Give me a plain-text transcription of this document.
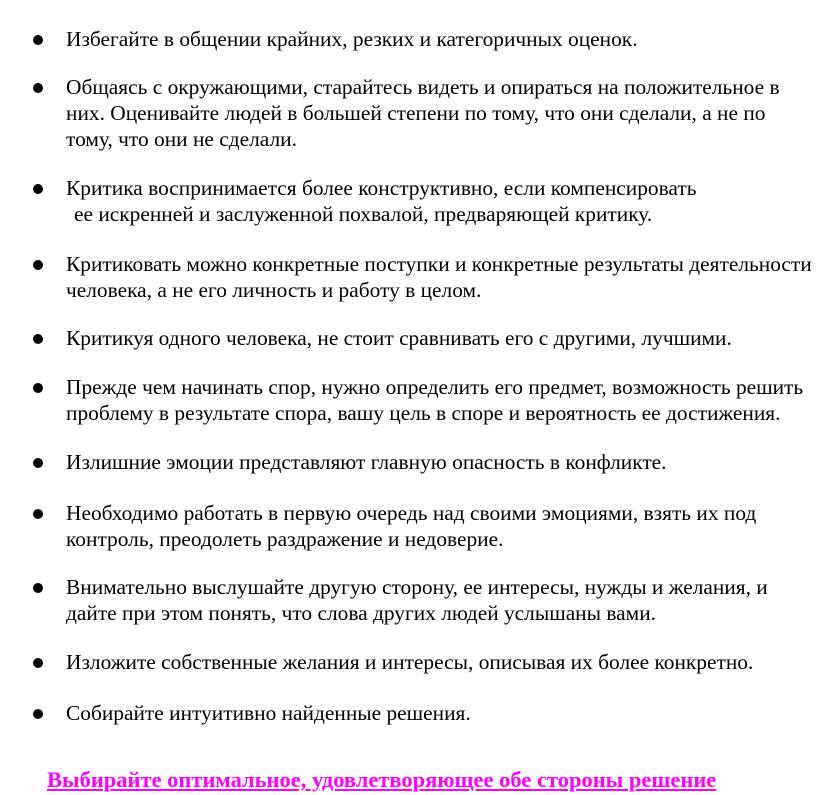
Избегайте в общении крайних, резких и категоричных оценок.
Общаясь с окружающими, старайтесь видеть и опираться на положительное в
них. Оценивайте людей в большей степени по тому, что они сделали, а не по
тому, что они не сделали.
Критика воспринимается более конструктивно, если компенсировать
ее искренней и заслуженной похвалой, предваряющей критику.
Критиковать можно конкретные поступки и конкретные результаты деятельности
человека, а не его личность и работу в целом.
Критикуя одного человека, не стоит сравнивать его с другими, лучшими.
Прежде чем начинать спор, нужно определить его предмет, возможность решить
проблему в результате спора, вашу цель в споре и вероятность ее достижения.
Излишние эмоции представляют главную опасность в конфликте.
Необходимо работать в первую очередь над своими эмоциями, взять их под
контроль, преодолеть раздражение и недоверие.
Внимательно выслушайте другую сторону, ее интересы, нужды и желания, и
дайте при этом понять, что слова других людей услышаны вами.
Изложите собственные желания и интересы, описывая их более конкретно.
Собирайте интуитивно найденные решения.
Выбирайте оптимальное, удовлетворяющее обе стороны решение
